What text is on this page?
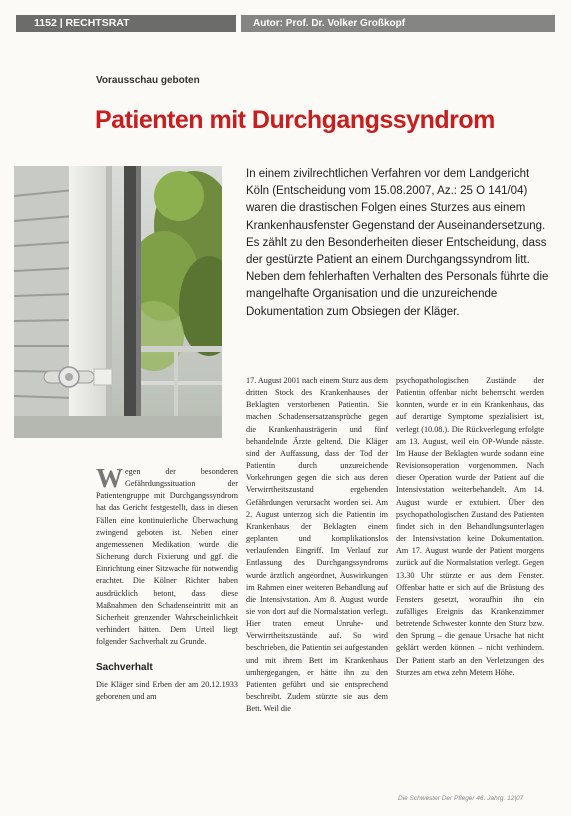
1152 | RECHTSRAT	Autor: Prof. Dr. Volker Großkopf
Vorausschau geboten
Patienten mit Durchgangssyndrom
In einem zivilrechtlichen Verfahren vor dem Landgericht Köln (Entscheidung vom 15.08.2007, Az.: 25 O 141/04) waren die drastischen Folgen eines Sturzes aus einem Krankenhausfenster Gegenstand der Auseinandersetzung. Es zählt zu den Besonderheiten dieser Entscheidung, dass der gestürzte Patient an einem Durchgangssyndrom litt. Neben dem fehlerhaften Verhalten des Personals führte die mangelhafte Organisation und die unzureichende Dokumentation zum Obsiegen der Kläger.

Wegen der besonderen Gefährdungssituation der Patientengruppe mit Durchgangssyndrom hat das Gericht festgestellt, dass in diesen Fällen eine kontinuierliche Überwachung zwingend geboten ist. Neben einer angemessenen Medikation wurde die Sicherung durch Fixierung und ggf. die Einrichtung einer Sitzwache für notwendig erachtet. Die Kölner Richter haben ausdrücklich betont, dass diese Maßnahmen den Schadenseintritt mit an Sicherheit grenzender Wahrscheinlichkeit verhindert hätten. Dem Urteil liegt folgender Sachverhalt zu Grunde.

Sachverhalt

Die Kläger sind Erben der am 20.12.1933 geborenen und am

17. August 2001 nach einem Sturz aus dem dritten Stock des Krankenhauses der Beklagten verstorbenen Patientin. Sie machen Schadensersatzansprüche gegen die Krankenhausträgerin und fünf behandelnde Ärzte geltend. Die Kläger sind der Auffassung, dass der Tod der Patientin durch unzureichende Vorkehrungen gegen die sich aus deren Verwirrtheitszustand ergebenden Gefährdungen verursacht worden sei. Am 2. August unterzog sich die Patientin im Krankenhaus der Beklagten einem geplanten und komplikationslos verlaufenden Eingriff. Im Verlauf zur Entlassung des Durchgangssyndroms wurde ärztlich angeordnet, Auswirkungen im Rahmen einer weiteren Behandlung auf die Intensivstation. Am 8. August wurde sie von dort auf die Normalstation verlegt. Hier traten erneut Unruhe- und Verwirrtheitszustände auf. So wird beschrieben, die Patientin sei aufgestanden und mit ihrem Bett im Krankenhaus umhergegangen, er hätte ihn zu den Patienten geführt und sie entsprechend beschreibt. Zudem stürzte sie aus dem Bett. Weil die

psychopathologischen Zustände der Patientin offenbar nicht beherrscht werden konnten, wurde er in ein Krankenhaus, das auf derartige Symptome spezialisiert ist, verlegt (10.08.). Die Rückverlegung erfolgte am 13. August, weil ein OP-Wunde nässte. Im Hause der Beklagten wurde sodann eine Revisionsoperation vorgenommen. Nach dieser Operation wurde der Patient auf die Intensivstation weiterbehandelt. Am 14. August wurde er extubiert. Über den psychopathologischen Zustand des Patienten findet sich in den Behandlungsunterlagen der Intensivstation keine Dokumentation. Am 17. August wurde der Patient morgens zurück auf die Normalstation verlegt. Gegen 13.30 Uhr stürzte er aus dem Fenster. Offenbar hatte er sich auf die Brüstung des Fensters gesetzt, woraufhin ihn ein zufälliges Ereignis das Krankenzimmer betretende Schwester konnte den Sturz bzw. den Sprung – die genaue Ursache hat nicht geklärt werden können – nicht verhindern. Der Patient starb an den Verletzungen des Sturzes am etwa zehn Metern Höhe.

Die Schwester Der Pfleger 46. Jahrg. 12|07
